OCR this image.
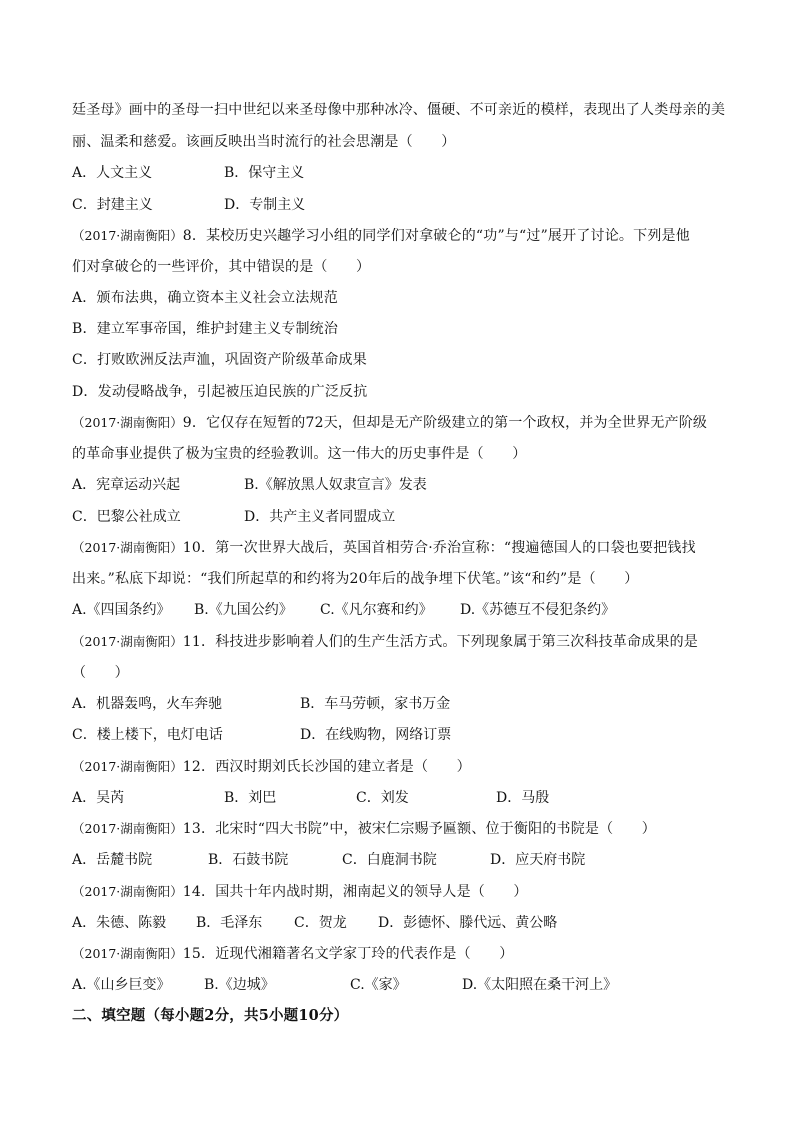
廷圣母》画中的圣母一扫中世纪以来圣母像中那种冰冷、僵硬、不可亲近的模样，表现出了人类母亲的美
丽、温柔和慈爱。该画反映出当时流行的社会思潮是（　　）
A．人文主义	B．保守主义
C．封建主义	D．专制主义
（2017·湖南衡阳）8．某校历史兴趣学习小组的同学们对拿破仑的“功”与“过”展开了讨论。下列是他
们对拿破仑的一些评价，其中错误的是（　　）
A．颁布法典，确立资本主义社会立法规范
B．建立军事帝国，维护封建主义专制统治
C．打败欧洲反法声洫，巩固资产阶级革命成果
D．发动侵略战争，引起被压迫民族的广泛反抗
（2017·湖南衡阳）9．它仅存在短暂的72天，但却是无产阶级建立的第一个政权，并为全世界无产阶级
的革命事业提供了极为宝贵的经验教训。这一伟大的历史事件是（　　）
A．宪章运动兴起	B.《解放黑人奴隶宣言》发表
C．巴黎公社成立	D．共产主义者同盟成立
（2017·湖南衡阳）10．第一次世界大战后，英国首相劳合·乔治宣称：“搜遍德国人的口袋也要把钱找
出来。”私底下却说：“我们所起草的和约将为20年后的战争埋下伏笔。”该“和约”是（　　）
A.《四国条约》 B.《九国公约》 C.《凡尔赛和约》 D.《苏德互不侵犯条约》
（2017·湖南衡阳）11．科技进步影响着人们的生产生活方式。下列现象属于第三次科技革命成果的是
（　　）
A．机器轰鸣，火车奔驰	B．车马劳顿，家书万金
C．楼上楼下，电灯电话	D．在线购物，网络订票
（2017·湖南衡阳）12．西汉时期刘氏长沙国的建立者是（　　）
A．吴芮	B．刘巴	C．刘发	D．马殷
（2017·湖南衡阳）13．北宋时“四大书院”中，被宋仁宗赐予匾额、位于衡阳的书院是（　　）
A．岳麓书院	B．石鼓书院	C．白鹿洞书院	D．应天府书院
（2017·湖南衡阳）14．国共十年内战时期，湘南起义的领导人是（　　）
A．朱德、陈毅 B．毛泽东 C．贺龙 D．彭德怀、滕代远、黄公略
（2017·湖南衡阳）15．近现代湘籍著名文学家丁玲的代表作是（　　）
A.《山乡巨变》 B.《边城》	C.《家》	D.《太阳照在桑干河上》
二、填空题（每小题2分，共5小题10分）
